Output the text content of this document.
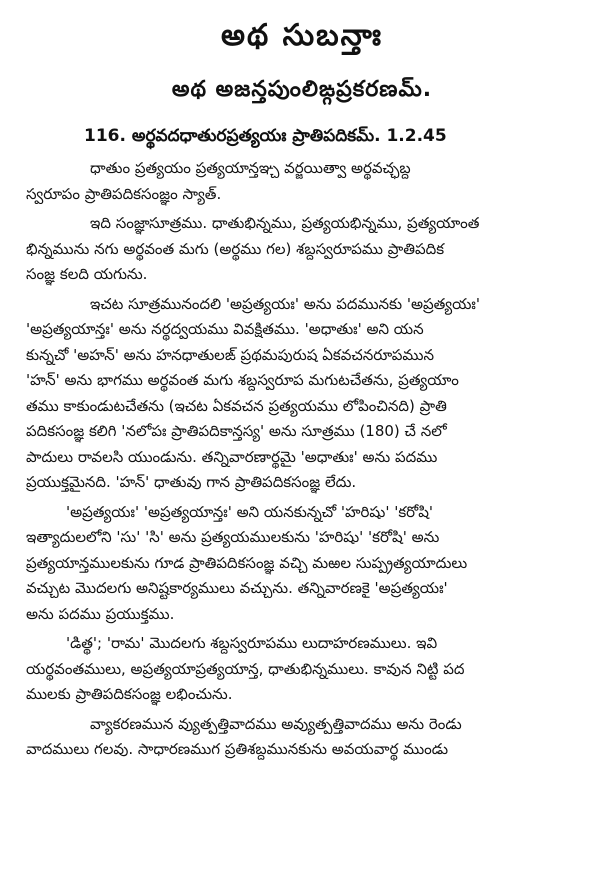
అథ సుబన్తాః
అథ అజన్తపుంలిఙ్గప్రకరణమ్.
116. అర్థవదధాతురప్రత్యయః ప్రాతిపదికమ్. 1.2.45
ధాతుం ప్రత్యయం ప్రత్యయాన్తఞ్చ వర్జయిత్వా అర్థవచ్ఛబ్ద
స్వరూపం ప్రాతిపదికసంజ్ఞం స్యాత్.
ఇది సంజ్ఞాసూత్రము. ధాతుభిన్నము, ప్రత్యయభిన్నము, ప్రత్యయాంత
భిన్నమును నగు అర్థవంత మగు (అర్థము గల) శబ్దస్వరూపము ప్రాతిపదిక
సంజ్ఞ కలది యగును.
ఇచట సూత్రమునందలి 'అప్రత్యయః' అను పదమునకు 'అప్రత్యయః'
'అప్రత్యయాన్తః' అను నర్థద్వయము వివక్షితము. 'అధాతుః' అని యన
కున్నచో 'అహన్' అను హనధాతులఙ్ ప్రథమపురుష ఏకవచనరూపమున
'హన్' అను భాగము అర్థవంత మగు శబ్దస్వరూప మగుటచేతను, ప్రత్యయాం
తము కాకుండుటచేతను (ఇచట ఏకవచన ప్రత్యయము లోపించినది) ప్రాతి
పదికసంజ్ఞ కలిగి 'నలోపః ప్రాతిపదికాన్తస్య' అను సూత్రము (180) చే నలో
పాదులు రావలసి యుండును. తన్నివారణార్థమై 'అధాతుః' అను పదము
ప్రయుక్తమైనది. 'హన్' ధాతువు గాన ప్రాతిపదికసంజ్ఞ లేదు.
'అప్రత్యయః' 'అప్రత్యయాన్తః' అని యనకున్నచో 'హరిషు' 'కరోషి'
ఇత్యాదులలోని 'సు' 'సి' అను ప్రత్యయములకును 'హరిషు' 'కరోషి' అను
ప్రత్యయాన్తములకును గూడ ప్రాతిపదికసంజ్ఞ వచ్చి మఱల సుప్ప్రత్యయాదులు
వచ్చుట మొదలగు అనిష్టకార్యములు వచ్చును. తన్నివారణకై 'అప్రత్యయః'
అను పదము ప్రయుక్తము.
'డిత్థ'; 'రామ' మొదలగు శబ్దస్వరూపము లుదాహరణములు. ఇవి
యర్థవంతములు, అప్రత్యయాప్రత్యయాన్త, ధాతుభిన్నములు. కావున నిట్టి పద
ములకు ప్రాతిపదికసంజ్ఞ లభించును.
వ్యాకరణమున వ్యుత్పత్తివాదము అవ్యుత్పత్తివాదము అను రెండు
వాదములు గలవు. సాధారణముగ ప్రతిశబ్దమునకును అవయవార్థ ముండు
